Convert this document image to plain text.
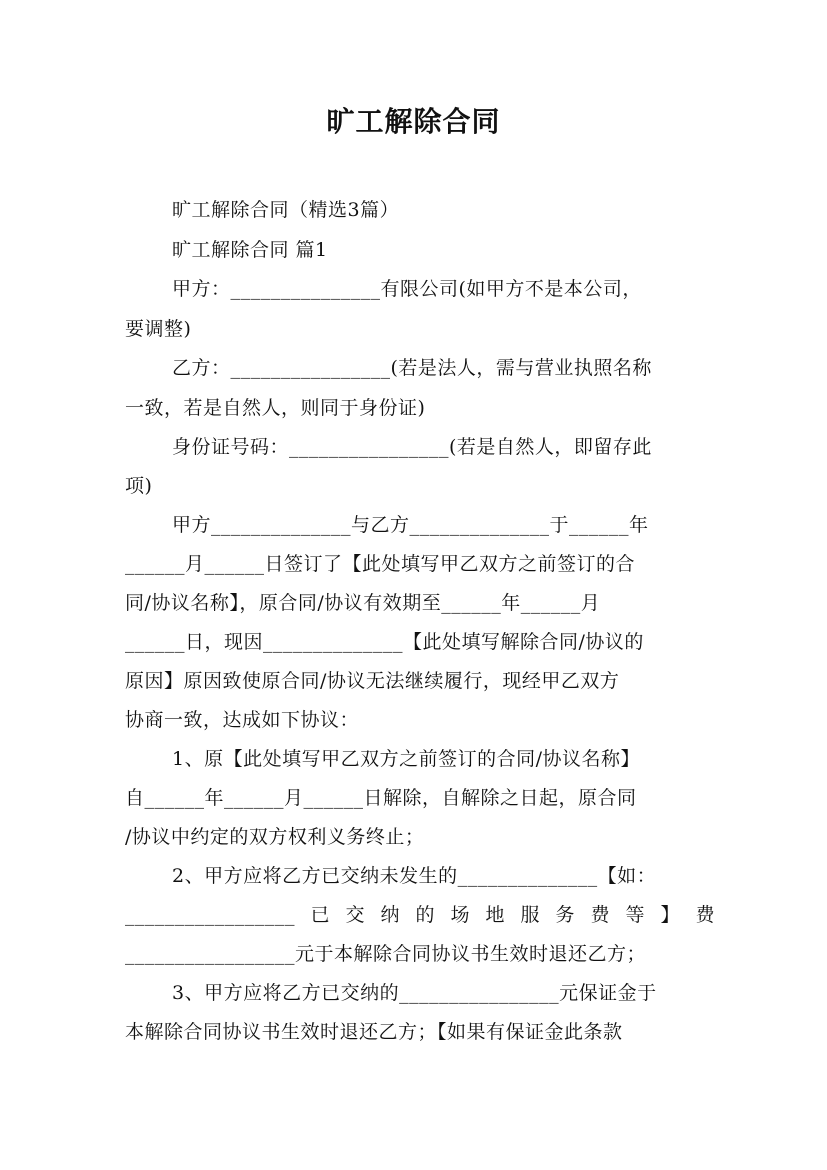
旷工解除合同
旷工解除合同（精选3篇）
旷工解除合同 篇1
甲方：_______________有限公司(如甲方不是本公司，
要调整)
乙方：________________(若是法人，需与营业执照名称
一致，若是自然人，则同于身份证)
身份证号码：________________(若是自然人，即留存此
项)
甲方______________与乙方______________于______年
______月______日签订了【此处填写甲乙双方之前签订的合
同/协议名称】，原合同/协议有效期至______年______月
______日，现因______________【此处填写解除合同/协议的
原因】原因致使原合同/协议无法继续履行，现经甲乙双方
协商一致，达成如下协议：
1、原【此处填写甲乙双方之前签订的合同/协议名称】
自______年______月______日解除，自解除之日起，原合同
/协议中约定的双方权利义务终止；
2、甲方应将乙方已交纳未发生的______________【如：
_________________已交纳的场地服务费等】费
_________________元于本解除合同协议书生效时退还乙方；
3、甲方应将乙方已交纳的________________元保证金于
本解除合同协议书生效时退还乙方；【如果有保证金此条款
